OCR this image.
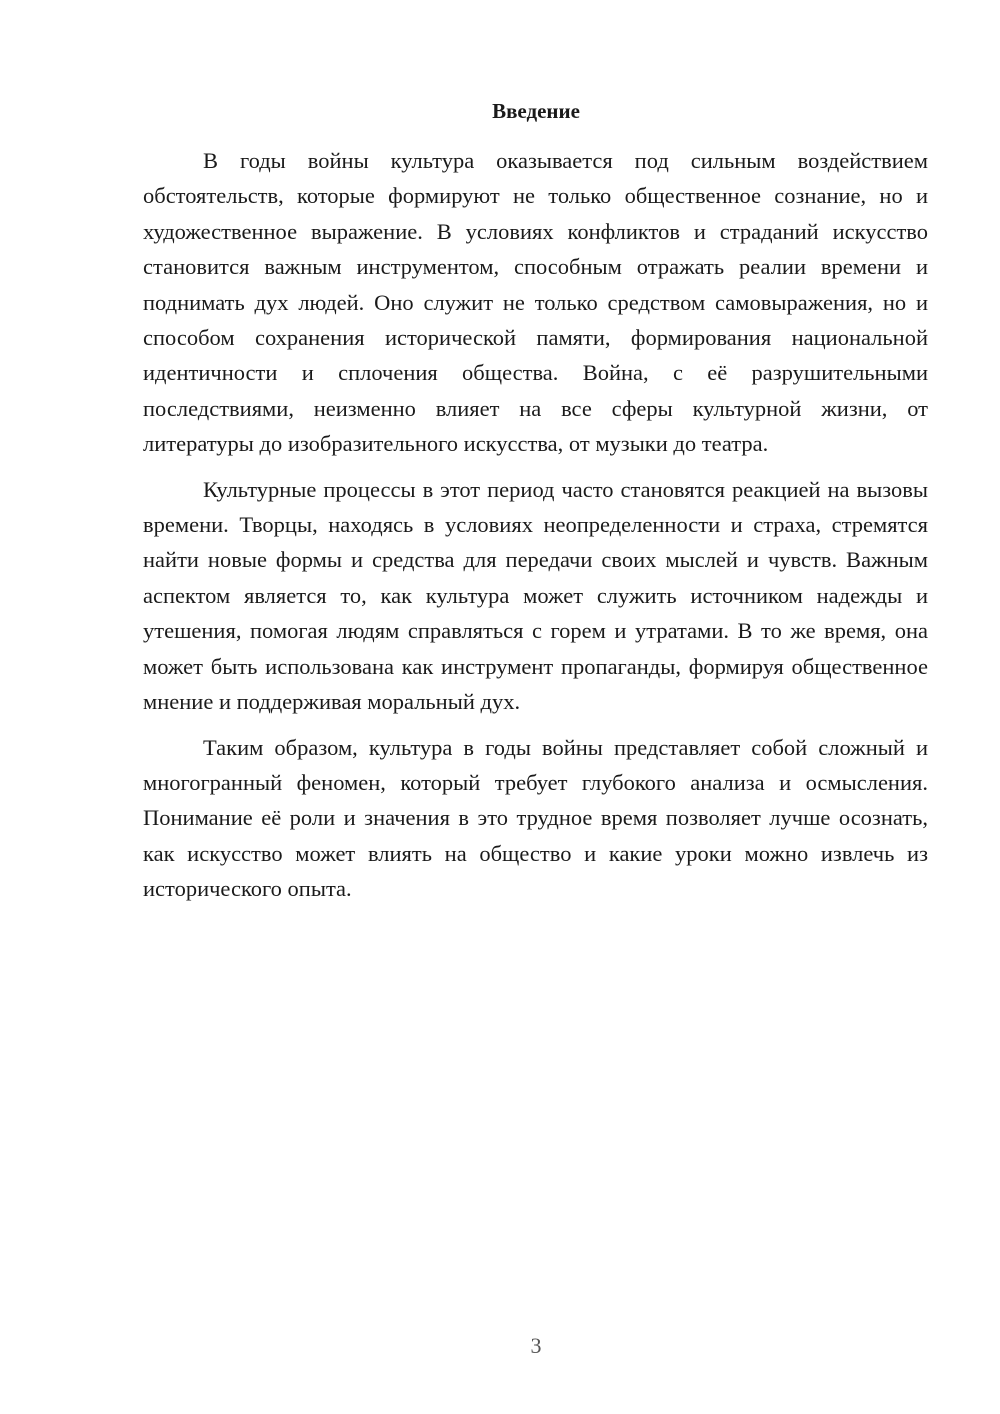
Введение

В годы войны культура оказывается под сильным воздействием обстоятельств, которые формируют не только общественное сознание, но и художественное выражение. В условиях конфликтов и страданий искусство становится важным инструментом, способным отражать реалии времени и поднимать дух людей. Оно служит не только средством самовыражения, но и способом сохранения исторической памяти, формирования национальной идентичности и сплочения общества. Война, с её разрушительными последствиями, неизменно влияет на все сферы культурной жизни, от литературы до изобразительного искусства, от музыки до театра.

Культурные процессы в этот период часто становятся реакцией на вызовы времени. Творцы, находясь в условиях неопределенности и страха, стремятся найти новые формы и средства для передачи своих мыслей и чувств. Важным аспектом является то, как культура может служить источником надежды и утешения, помогая людям справляться с горем и утратами. В то же время, она может быть использована как инструмент пропаганды, формируя общественное мнение и поддерживая моральный дух.

Таким образом, культура в годы войны представляет собой сложный и многогранный феномен, который требует глубокого анализа и осмысления. Понимание её роли и значения в это трудное время позволяет лучше осознать, как искусство может влиять на общество и какие уроки можно извлечь из исторического опыта.

3
